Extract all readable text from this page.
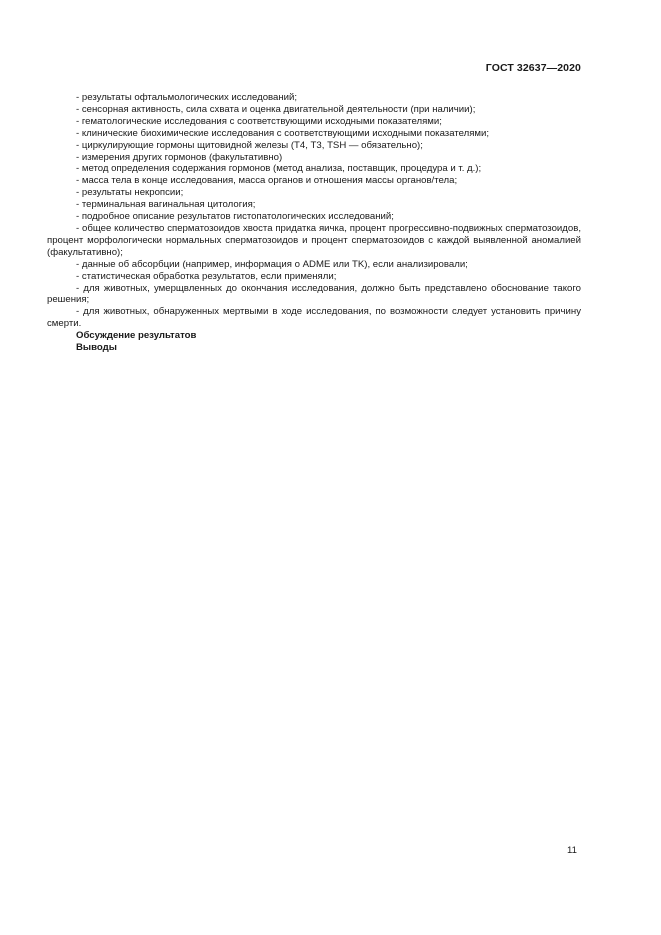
ГОСТ 32637—2020

- результаты офтальмологических исследований;

- сенсорная активность, сила схвата и оценка двигательной деятельности (при наличии);

- гематологические исследования с соответствующими исходными показателями;

- клинические биохимические исследования с соответствующими исходными показателями;

- циркулирующие гормоны щитовидной железы (Т4, Т3, TSH — обязательно);

- измерения других гормонов (факультативно)

- метод определения содержания гормонов (метод анализа, поставщик, процедура и т. д.);

- масса тела в конце исследования, масса органов и отношения массы органов/тела;

- результаты некропсии;

- терминальная вагинальная цитология;

- подробное описание результатов гистопатологических исследований;

- общее количество сперматозоидов хвоста придатка яичка, процент прогрессивно-подвижных сперматозоидов, процент морфологически нормальных сперматозоидов и процент сперматозоидов с каждой выявленной аномалией (факультативно);

- данные об абсорбции (например, информация о ADME или TK), если анализировали;

- статистическая обработка результатов, если применяли;

- для животных, умерщвленных до окончания исследования, должно быть представлено обоснование такого решения;
- для животных, обнаруженных мертвыми в ходе исследования, по возможности следует установить причину смерти.

Обсуждение результатов

Выводы

11
